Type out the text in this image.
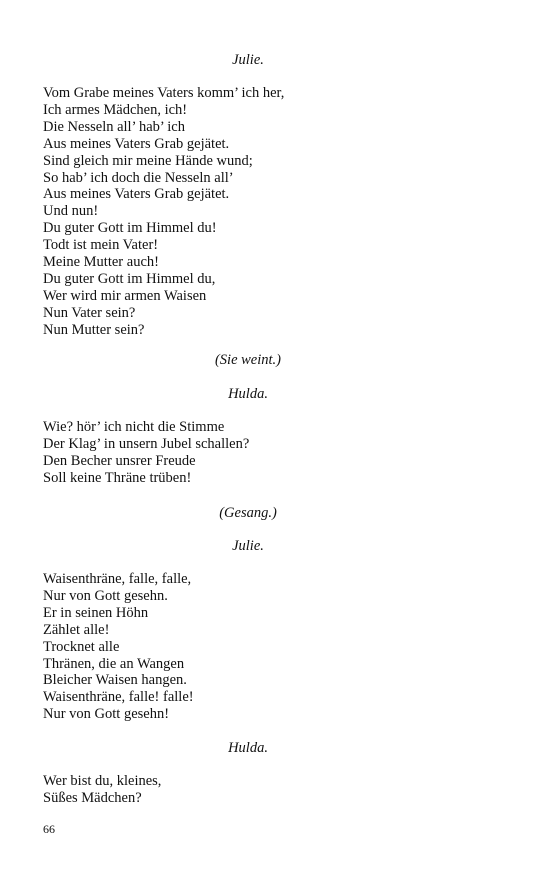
Julie.

Vom Grabe meines Vaters komm’ ich her,
Ich armes Mädchen, ich!
Die Nesseln all’ hab’ ich
Aus meines Vaters Grab gejätet.
Sind gleich mir meine Hände wund;
So hab’ ich doch die Nesseln all’
Aus meines Vaters Grab gejätet.
Und nun!
Du guter Gott im Himmel du!
Todt ist mein Vater!
Meine Mutter auch!
Du guter Gott im Himmel du,
Wer wird mir armen Waisen
Nun Vater sein?
Nun Mutter sein?

(Sie weint.)

Hulda.

Wie? hör’ ich nicht die Stimme
Der Klag’ in unsern Jubel schallen?
Den Becher unsrer Freude
Soll keine Thräne trüben!

(Gesang.)

Julie.

Waisenthräne, falle, falle,
Nur von Gott gesehn.
Er in seinen Höhn
Zählet alle!
Trocknet alle
Thränen, die an Wangen
Bleicher Waisen hangen.
Waisenthräne, falle! falle!
Nur von Gott gesehn!

Hulda.

Wer bist du, kleines,
Süßes Mädchen?

66
